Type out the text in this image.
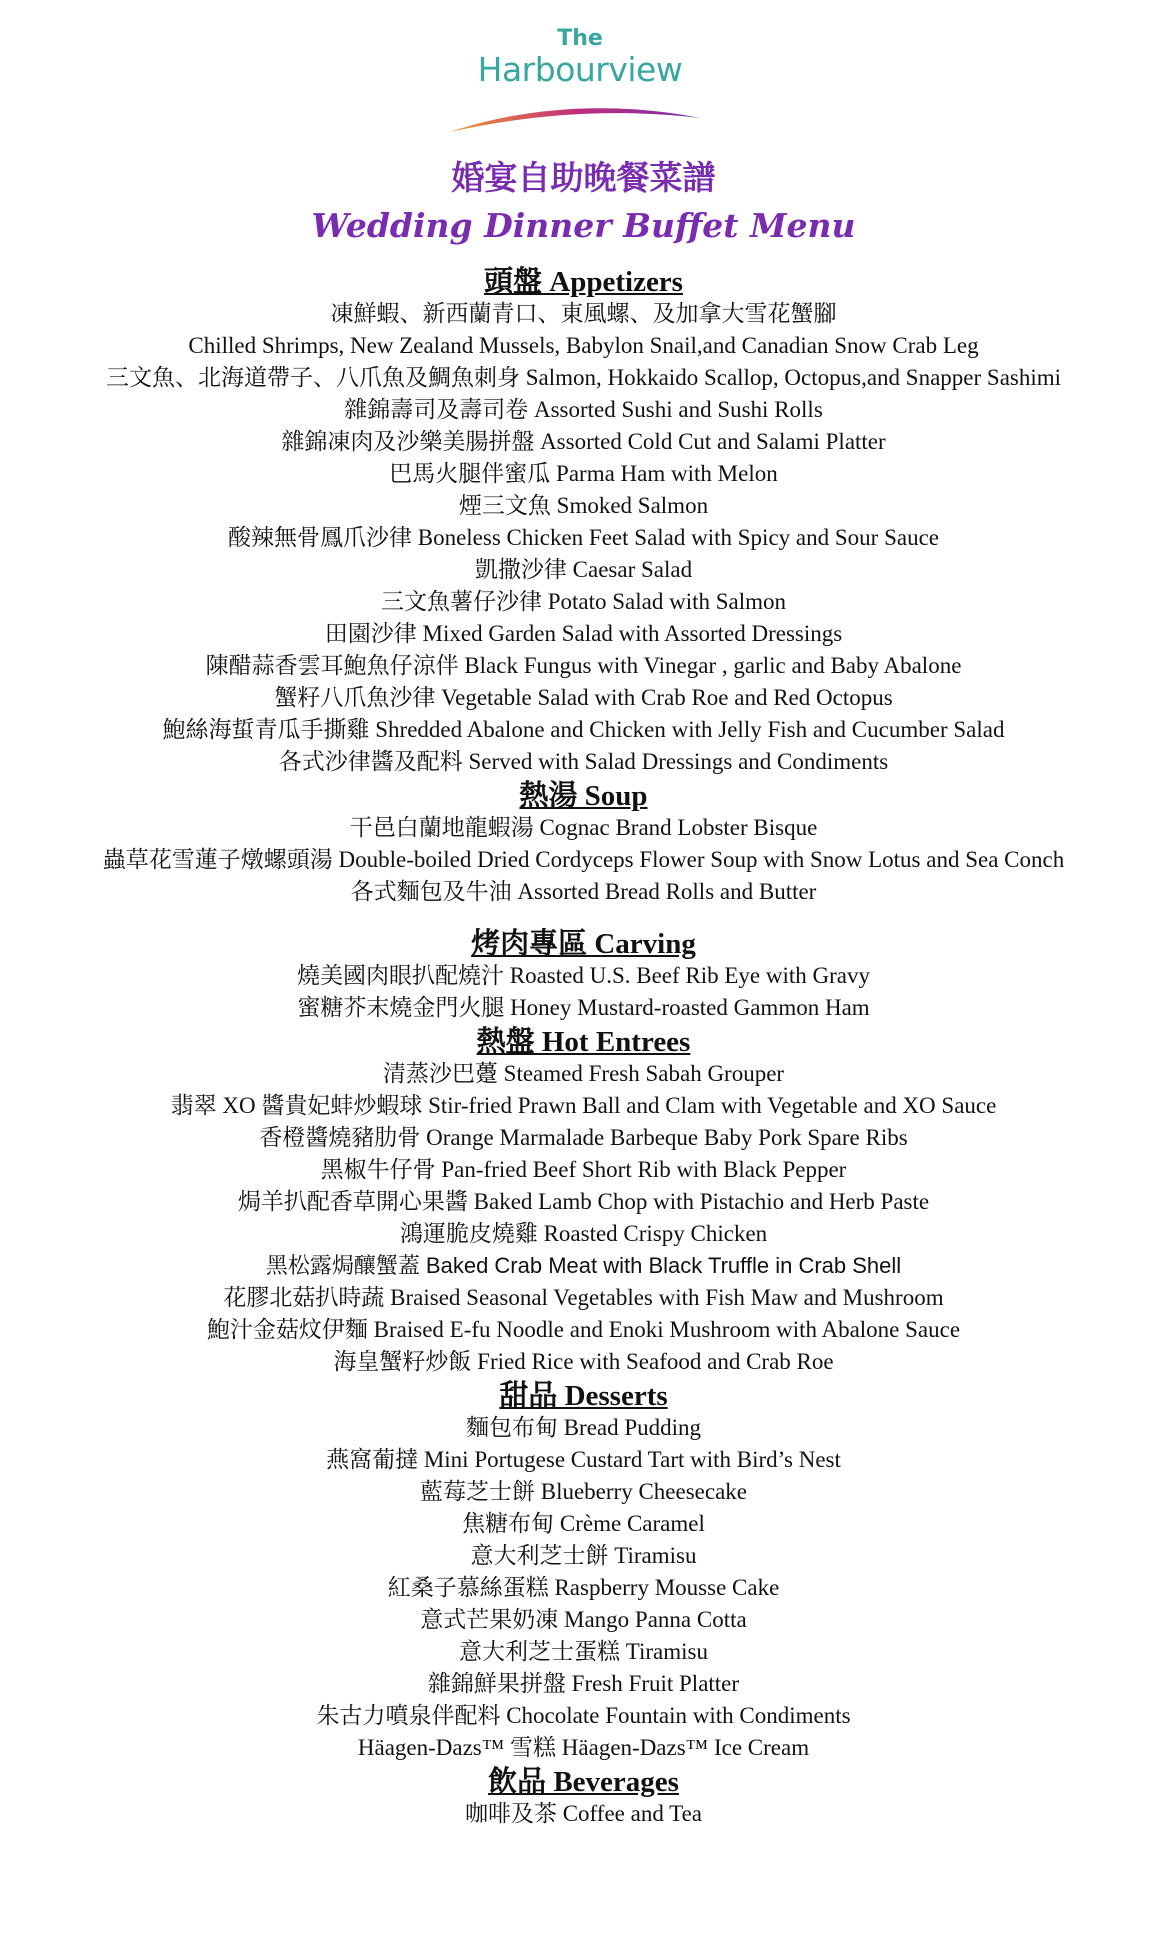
The
Harbourview
婚宴自助晚餐菜譜
Wedding Dinner Buffet Menu

頭盤 Appetizers

凍鮮蝦、新西蘭青口、東風螺、及加拿大雪花蟹腳

Chilled Shrimps, New Zealand Mussels, Babylon Snail,and Canadian Snow Crab Leg

三文魚、北海道帶子、八爪魚及鯛魚刺身 Salmon, Hokkaido Scallop, Octopus,and Snapper Sashimi

雜錦壽司及壽司卷 Assorted Sushi and Sushi Rolls

雜錦凍肉及沙樂美腸拼盤 Assorted Cold Cut and Salami Platter

巴馬火腿伴蜜瓜 Parma Ham with Melon

煙三文魚 Smoked Salmon

酸辣無骨鳳爪沙律 Boneless Chicken Feet Salad with Spicy and Sour Sauce

凱撒沙律 Caesar Salad

三文魚薯仔沙律 Potato Salad with Salmon

田園沙律 Mixed Garden Salad with Assorted Dressings

陳醋蒜香雲耳鮑魚仔涼伴 Black Fungus with Vinegar , garlic and Baby Abalone

蟹籽八爪魚沙律 Vegetable Salad with Crab Roe and Red Octopus

鮑絲海蜇青瓜手撕雞 Shredded Abalone and Chicken with Jelly Fish and Cucumber Salad

各式沙律醬及配料 Served with Salad Dressings and Condiments

熱湯 Soup

干邑白蘭地龍蝦湯 Cognac Brand Lobster Bisque

蟲草花雪蓮子燉螺頭湯 Double-boiled Dried Cordyceps Flower Soup with Snow Lotus and Sea Conch

各式麵包及牛油 Assorted Bread Rolls and Butter

烤肉專區 Carving

燒美國肉眼扒配燒汁 Roasted U.S. Beef Rib Eye with Gravy

蜜糖芥末燒金門火腿 Honey Mustard-roasted Gammon Ham

熱盤 Hot Entrees

清蒸沙巴躉 Steamed Fresh Sabah Grouper

翡翠 XO 醬貴妃蚌炒蝦球 Stir-fried Prawn Ball and Clam with Vegetable and XO Sauce

香橙醬燒豬肋骨 Orange Marmalade Barbeque Baby Pork Spare Ribs

黑椒牛仔骨 Pan-fried Beef Short Rib with Black Pepper

焗羊扒配香草開心果醬 Baked Lamb Chop with Pistachio and Herb Paste

鴻運脆皮燒雞 Roasted Crispy Chicken

黑松露焗釀蟹蓋 Baked Crab Meat with Black Truffle in Crab Shell

花膠北菇扒時蔬 Braised Seasonal Vegetables with Fish Maw and Mushroom

鮑汁金菇炆伊麵 Braised E-fu Noodle and Enoki Mushroom with Abalone Sauce

海皇蟹籽炒飯 Fried Rice with Seafood and Crab Roe

甜品 Desserts

麵包布甸 Bread Pudding

燕窩葡撻 Mini Portugese Custard Tart with Bird’s Nest

藍莓芝士餅 Blueberry Cheesecake

焦糖布甸 Crème Caramel

意大利芝士餅 Tiramisu

紅桑子慕絲蛋糕 Raspberry Mousse Cake

意式芒果奶凍 Mango Panna Cotta

意大利芝士蛋糕 Tiramisu

雜錦鮮果拼盤 Fresh Fruit Platter

朱古力噴泉伴配料 Chocolate Fountain with Condiments

Häagen-Dazs™ 雪糕 Häagen-Dazs™ Ice Cream

飲品 Beverages

咖啡及茶 Coffee and Tea
